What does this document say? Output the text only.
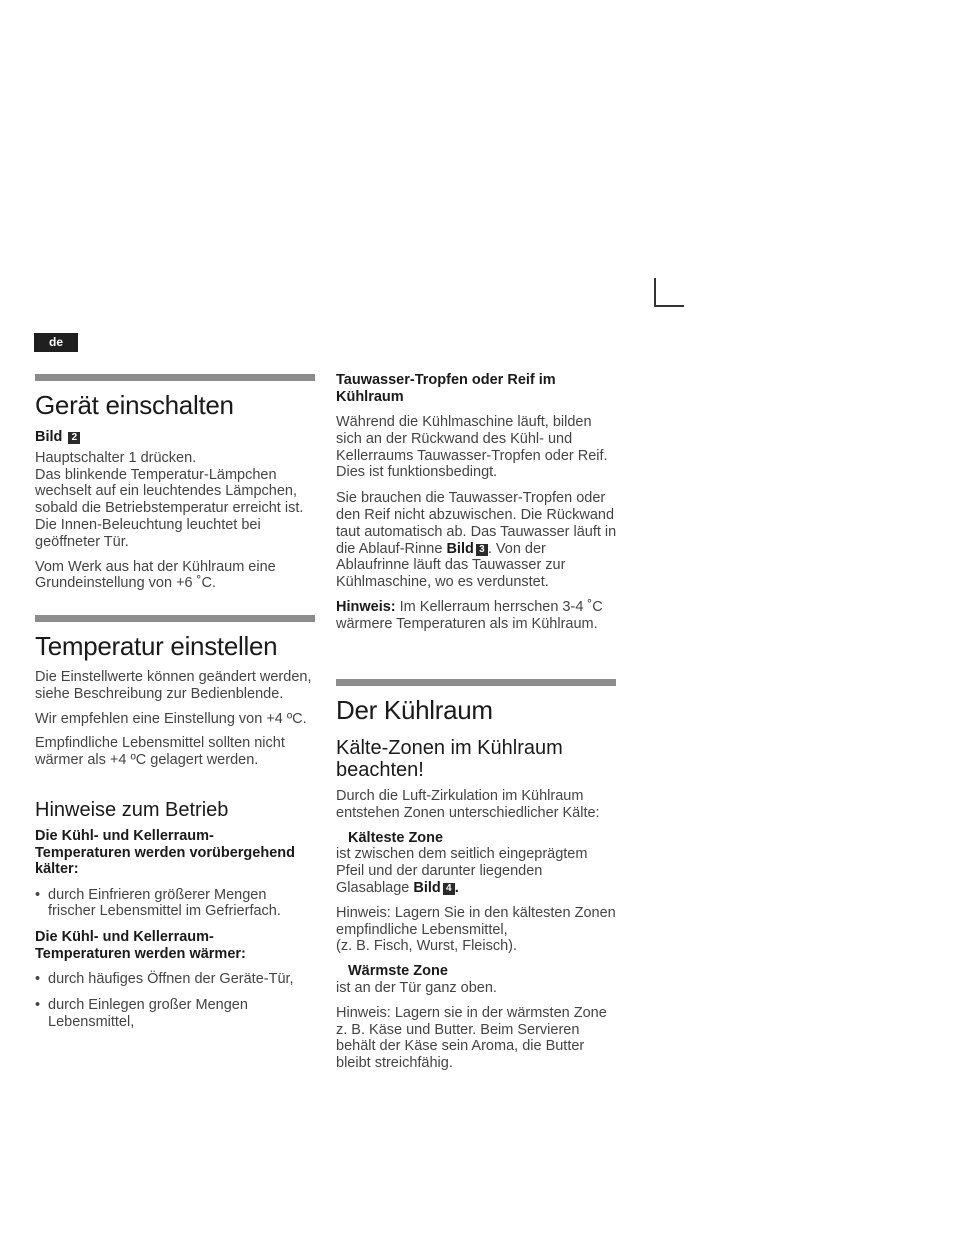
de
Gerät einschalten

Bild 2

Hauptschalter 1 drücken.
Das blinkende Temperatur-Lämpchen wechselt auf ein leuchtendes Lämpchen, sobald die Betriebstemperatur erreicht ist. Die Innen-Beleuchtung leuchtet bei geöffneter Tür.

Vom Werk aus hat der Kühlraum eine Grundeinstellung von +6 ˚C.

Temperatur einstellen

Die Einstellwerte können geändert werden, siehe Beschreibung zur Bedienblende.

Wir empfehlen eine Einstellung von +4 ºC.

Empfindliche Lebensmittel sollten nicht wärmer als +4 ºC gelagert werden.

Hinweise zum Betrieb
Die Kühl- und Kellerraum-
Temperaturen werden vorübergehend kälter:
• durch Einfrieren größerer Mengen frischer Lebensmittel im Gefrierfach.
Die Kühl- und Kellerraum-
Temperaturen werden wärmer:
• durch häufiges Öffnen der Geräte-Tür,
• durch Einlegen großer Mengen Lebensmittel,
Tauwasser-Tropfen oder Reif im Kühlraum

Während die Kühlmaschine läuft, bilden sich an der Rückwand des Kühl- und Kellerraums Tauwasser-Tropfen oder Reif. Dies ist funktionsbedingt.

Sie brauchen die Tauwasser-Tropfen oder den Reif nicht abzuwischen. Die Rückwand taut automatisch ab. Das Tauwasser läuft in die Ablauf-Rinne Bild 3 . Von der Ablaufrinne läuft das Tauwasser zur Kühlmaschine, wo es verdunstet.

Hinweis: Im Kellerraum herrschen 3-4 ˚C wärmere Temperaturen als im Kühlraum.

Der Kühlraum
Kälte-Zonen im Kühlraum beachten!

Durch die Luft-Zirkulation im Kühlraum entstehen Zonen unterschiedlicher Kälte:

Kälteste Zone

ist zwischen dem seitlich eingeprägtem Pfeil und der darunter liegenden Glasablage Bild 4 .

Hinweis: Lagern Sie in den kältesten Zonen empfindliche Lebensmittel,
(z. B. Fisch, Wurst, Fleisch).

Wärmste Zone

ist an der Tür ganz oben.

Hinweis: Lagern sie in der wärmsten Zone z. B. Käse und Butter. Beim Servieren behält der Käse sein Aroma, die Butter bleibt streichfähig.
